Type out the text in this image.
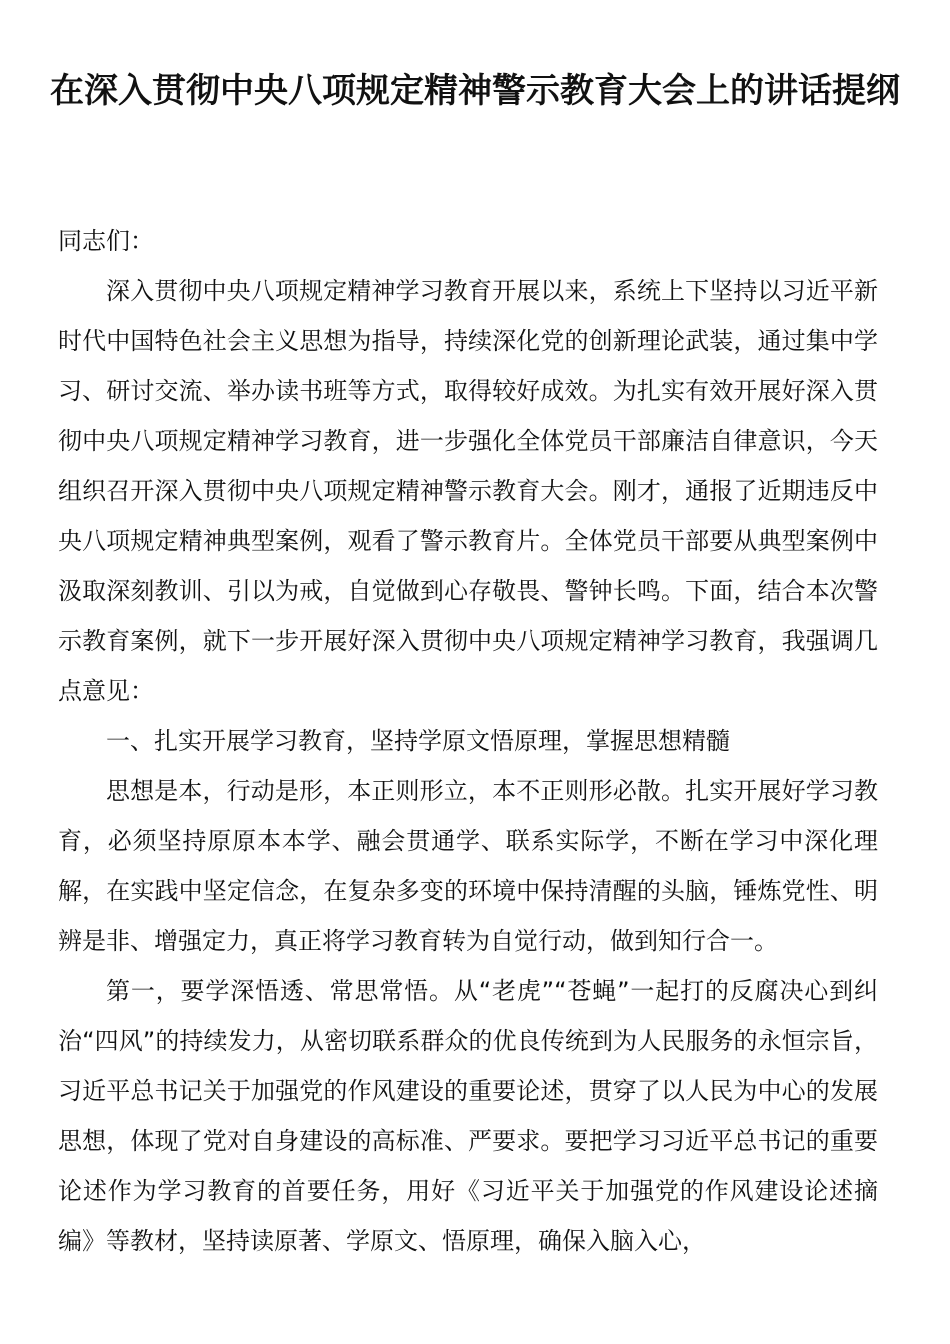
在深入贯彻中央八项规定精神警示教育大会上的讲话提纲

同志们：

深入贯彻中央八项规定精神学习教育开展以来，系统上下坚持以习近平新时代中国特色社会主义思想为指导，持续深化党的创新理论武装，通过集中学习、研讨交流、举办读书班等方式，取得较好成效。为扎实有效开展好深入贯彻中央八项规定精神学习教育，进一步强化全体党员干部廉洁自律意识，今天组织召开深入贯彻中央八项规定精神警示教育大会。刚才，通报了近期违反中央八项规定精神典型案例，观看了警示教育片。全体党员干部要从典型案例中汲取深刻教训、引以为戒，自觉做到心存敬畏、警钟长鸣。下面，结合本次警示教育案例，就下一步开展好深入贯彻中央八项规定精神学习教育，我强调几点意见：

一、扎实开展学习教育，坚持学原文悟原理，掌握思想精髓

思想是本，行动是形，本正则形立，本不正则形必散。扎实开展好学习教育，必须坚持原原本本学、融会贯通学、联系实际学，不断在学习中深化理解，在实践中坚定信念，在复杂多变的环境中保持清醒的头脑，锤炼党性、明辨是非、增强定力，真正将学习教育转为自觉行动，做到知行合一。

第一，要学深悟透、常思常悟。从“老虎”“苍蝇”一起打的反腐决心到纠治“四风”的持续发力，从密切联系群众的优良传统到为人民服务的永恒宗旨，习近平总书记关于加强党的作风建设的重要论述，贯穿了以人民为中心的发展思想，体现了党对自身建设的高标准、严要求。要把学习习近平总书记的重要论述作为学习教育的首要任务，用好《习近平关于加强党的作风建设论述摘编》等教材，坚持读原著、学原文、悟原理，确保入脑入心，
